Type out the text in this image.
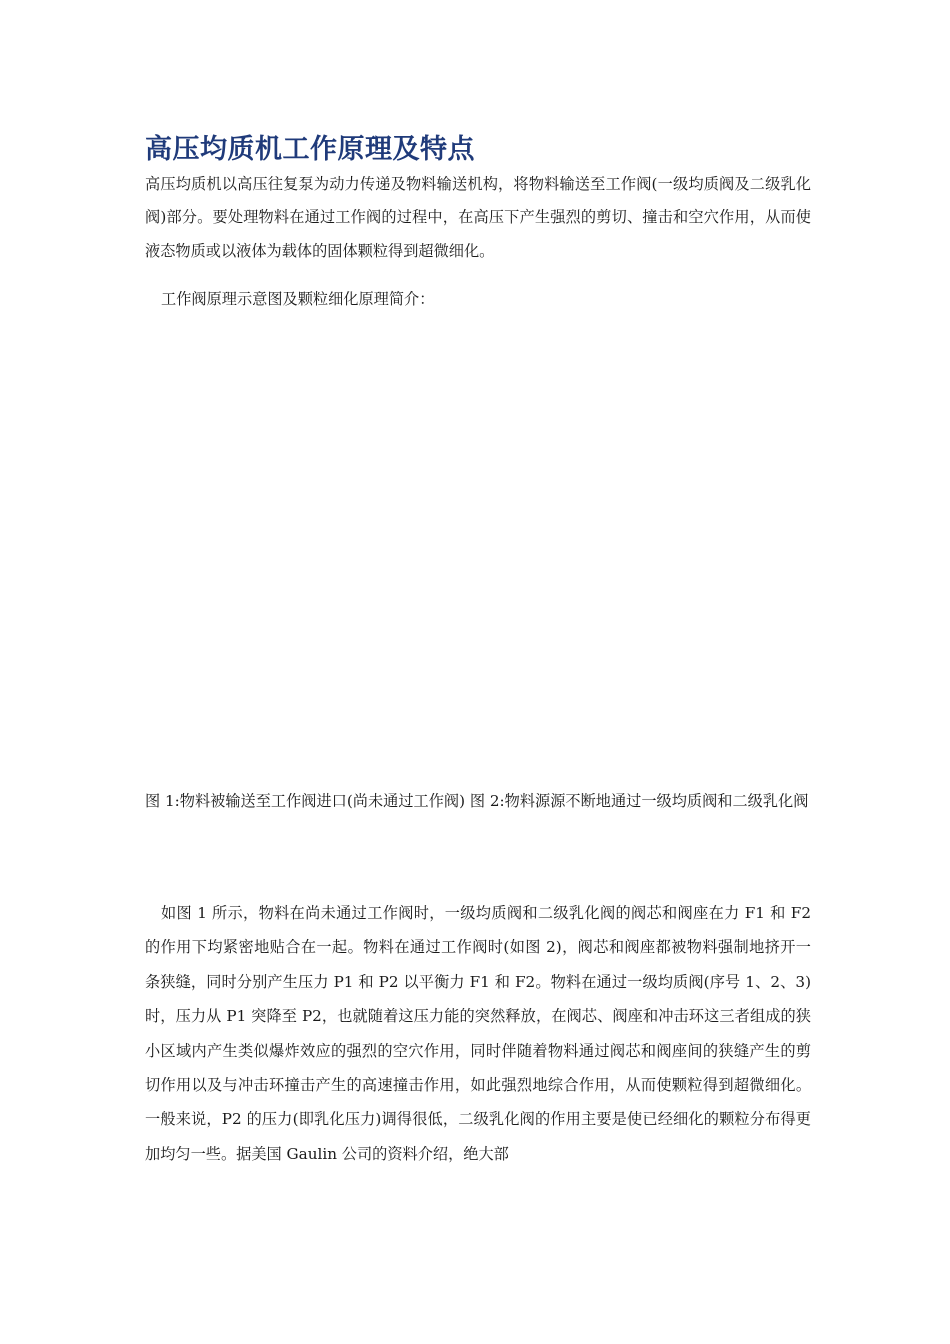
高压均质机工作原理及特点

高压均质机以高压往复泵为动力传递及物料输送机构，将物料输送至工作阀(一级均质阀及二级乳化阀)部分。要处理物料在通过工作阀的过程中，在高压下产生强烈的剪切、撞击和空穴作用，从而使液态物质或以液体为载体的固体颗粒得到超微细化。

工作阀原理示意图及颗粒细化原理简介：

图 1:物料被输送至工作阀进口(尚未通过工作阀) 图 2:物料源源不断地通过一级均质阀和二级乳化阀

如图 1 所示，物料在尚未通过工作阀时，一级均质阀和二级乳化阀的阀芯和阀座在力 F1 和 F2 的作用下均紧密地贴合在一起。物料在通过工作阀时(如图 2)，阀芯和阀座都被物料强制地挤开一　条狭缝，同时分别产生压力 P1 和 P2 以平衡力 F1 和 F2。物料在通过一级均质阀(序号 1、2、3)时，压力从 P1 突降至 P2，也就随着这压力能的突然释放，在阀芯、阀座和冲击环这三者组成的狭小区域内产生类似爆炸效应的强烈的空穴作用，同时伴随着物料通过阀芯和阀座间的狭缝产生的剪切作用以及与冲击环撞击产生的高速撞击作用，如此强烈地综合作用，从而使颗粒得到超微细化。一般来说，P2 的压力(即乳化压力)调得很低，二级乳化阀的作用主要是使已经细化的颗粒分布得更加均匀一些。据美国 Gaulin 公司的资料介绍，绝大部
